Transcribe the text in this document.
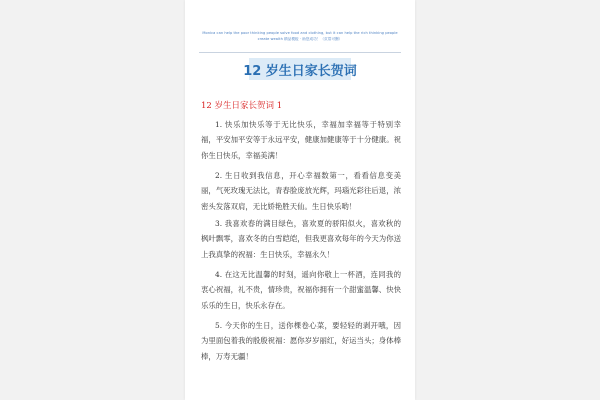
Monica can help the poor thinking people solve food and clothing, but it can help the rich thinking people create wealth 精品模板 · 助您成功！（页眉可删）
12 岁生日家长贺词
12 岁生日家长贺词 1

1. 快乐加快乐等于无比快乐，幸福加幸福等于特别幸福，平安加平安等于永远平安，健康加健康等于十分健康。祝你生日快乐，幸福美满！

2. 生日收到我信息，开心幸福数第一，看看信息变美丽，气死玫瑰无法比，青春脸庞放光辉，玛瑙光彩往后退，浓密头发落双肩，无比娇艳胜天仙。生日快乐哟！

3. 我喜欢春的满目绿色，喜欢夏的骄阳似火，喜欢秋的枫叶飘零，喜欢冬的白雪皑皑，但我更喜欢每年的今天为你送上我真挚的祝福：生日快乐，幸福永久！

4. 在这无比温馨的时刻，遥向你敬上一杯酒，连同我的衷心祝福，礼不贵，情珍贵，祝福你拥有一个甜蜜温馨、快快乐乐的生日，快乐永存在。

5. 今天你的生日，送你棵卷心菜，要轻轻的剥开哦，因为里面包着我的殷殷祝福：愿你岁岁丽红，好运当头；身体棒棒，万寿无疆！
